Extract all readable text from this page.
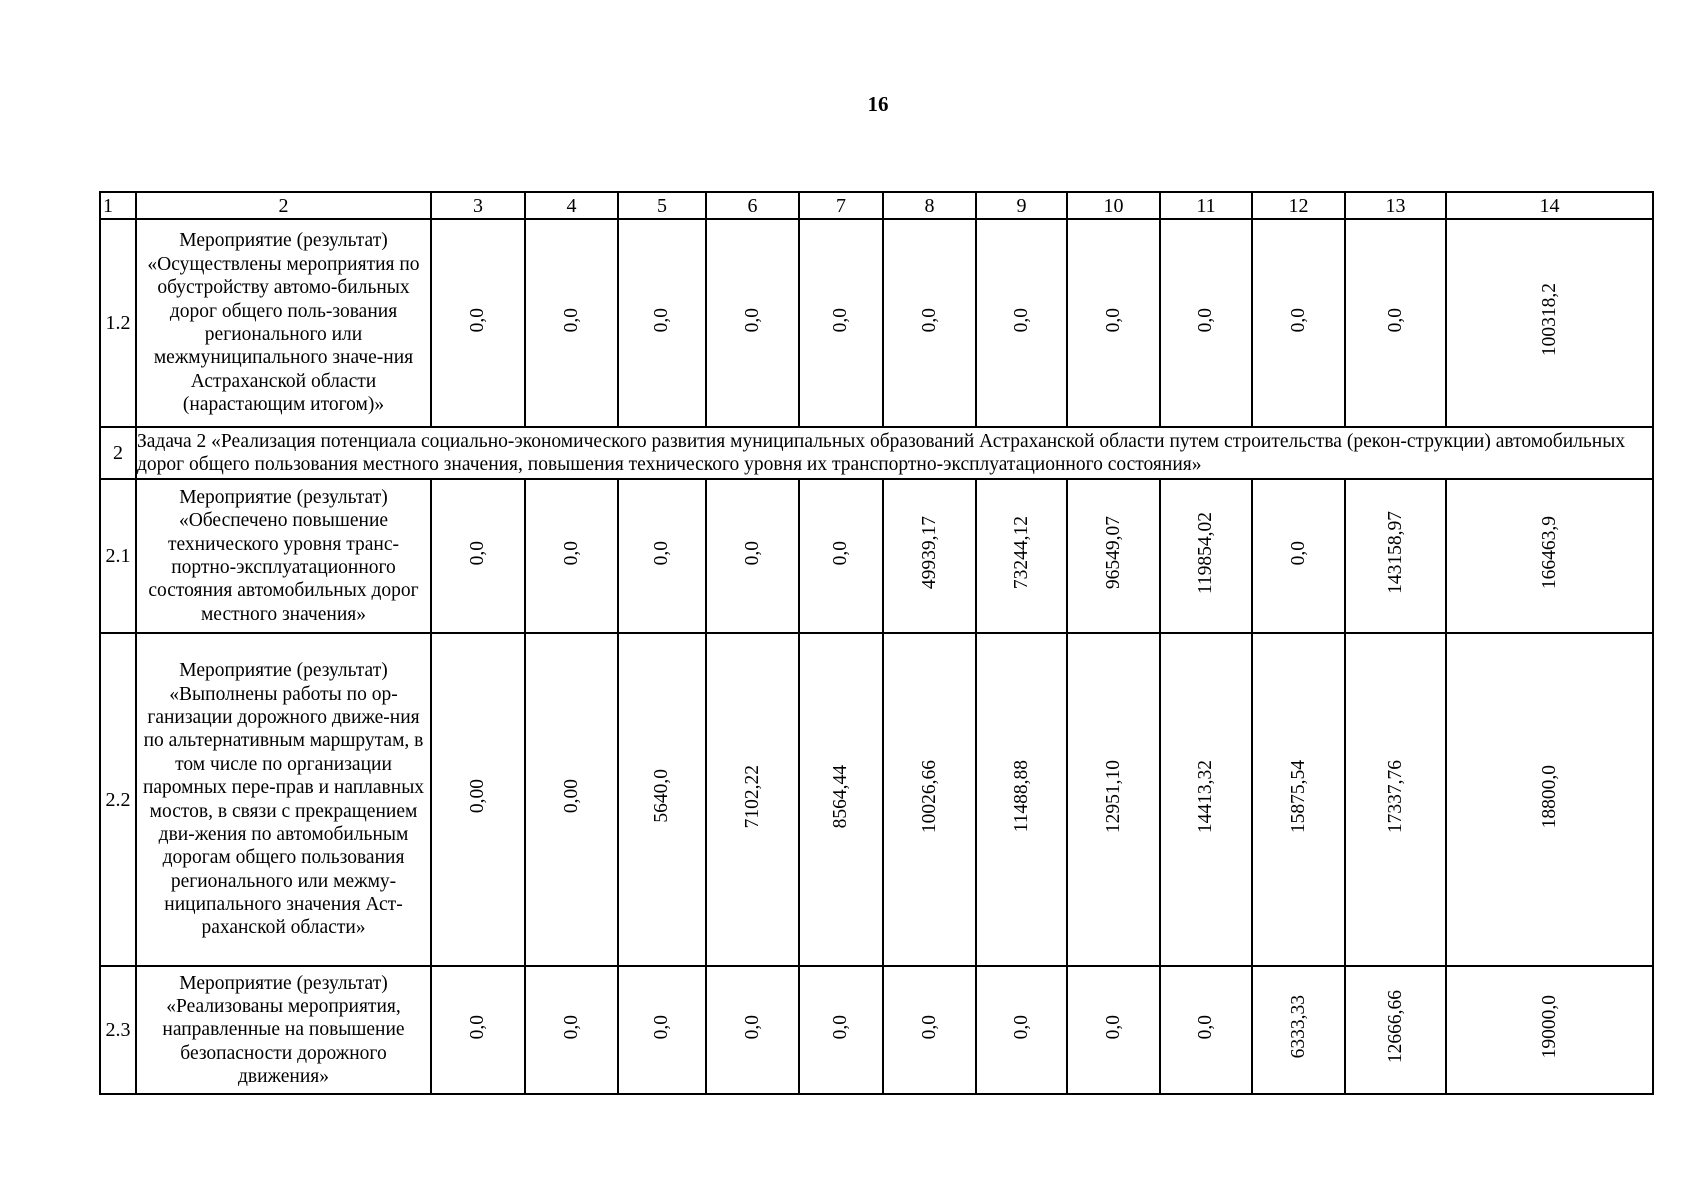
16
1	2	3	4	5	6	7	8	9	10	11	12	13	14
1.2	Мероприятие (результат) «Осуществлены мероприятия по обустройству автомо-бильных дорог общего поль-зования регионального или межмуниципального значе-ния Астраханской области (нарастающим итогом)»	0,0	0,0	0,0	0,0	0,0	0,0	0,0	0,0	0,0	0,0	0,0	100318,2
2	Задача 2 «Реализация потенциала социально-экономического развития муниципальных образований Астраханской области путем строительства (рекон-струкции) автомобильных дорог общего пользования местного значения, повышения технического уровня их транспортно-эксплуатационного состояния»												
2.1	Мероприятие (результат) «Обеспечено повышение технического уровня транс-портно-эксплуатационного состояния автомобильных дорог местного значения»	0,0	0,0	0,0	0,0	0,0	49939,17	73244,12	96549,07	119854,02	0,0	143158,97	166463,9
2.2	Мероприятие (результат) «Выполнены работы по ор-ганизации дорожного движе-ния по альтернативным маршрутам, в том числе по организации паромных пере-прав и наплавных мостов, в связи с прекращением дви-жения по автомобильным дорогам общего пользования регионального или межму-ниципального значения Аст-раханской области»	0,00	0,00	5640,0	7102,22	8564,44	10026,66	11488,88	12951,10	14413,32	15875,54	17337,76	18800,0
2.3	Мероприятие (результат) «Реализованы мероприятия, направленные на повышение безопасности дорожного движения»	0,0	0,0	0,0	0,0	0,0	0,0	0,0	0,0	0,0	6333,33	12666,66	19000,0
